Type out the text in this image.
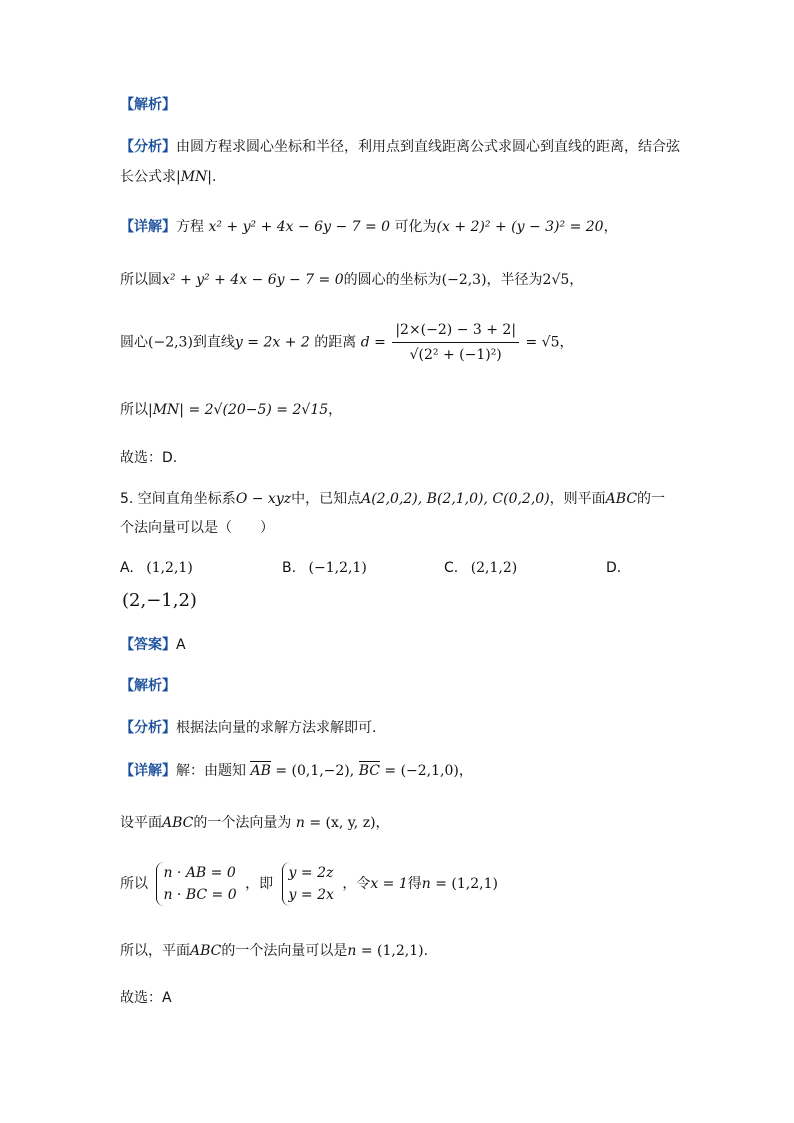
【解析】
【分析】由圆方程求圆心坐标和半径，利用点到直线距离公式求圆心到直线的距离，结合弦
长公式求|MN|.
【详解】方程 x² + y² + 4x − 6y − 7 = 0 可化为(x + 2)² + (y − 3)² = 20，
所以圆x² + y² + 4x − 6y − 7 = 0的圆心的坐标为(−2,3)，半径为2√5，
圆心(−2,3)到直线y = 2x + 2 的距离 $d = \frac{|2\times(-2) - 3 + 2|}{\text{√(2² + (−1)²)}} = √5$，
所以|MN| = 2√(20−5) = 2√15，
故选：D.
5. 空间直角坐标系O − xyz中，已知点A(2,0,2), B(2,1,0), C(0,2,0)，则平面ABC的一
个法向量可以是（　　）
A. (1,2,1)	B. (−1,2,1)	C. (2,1,2)	D.
(2,−1,2)
【答案】A
【解析】
【分析】根据法向量的求解方法求解即可.
【详解】解：由题知 AB = (0,1,−2), BC = (−2,1,0)，
设平面ABC的一个法向量为 n = (x, y, z)，
所以
n · AB = 0
n · BC = 0
，即
y = 2z
y = 2x
，令x = 1得n = (1,2,1)
所以，平面ABC的一个法向量可以是n = (1,2,1).
故选：A
